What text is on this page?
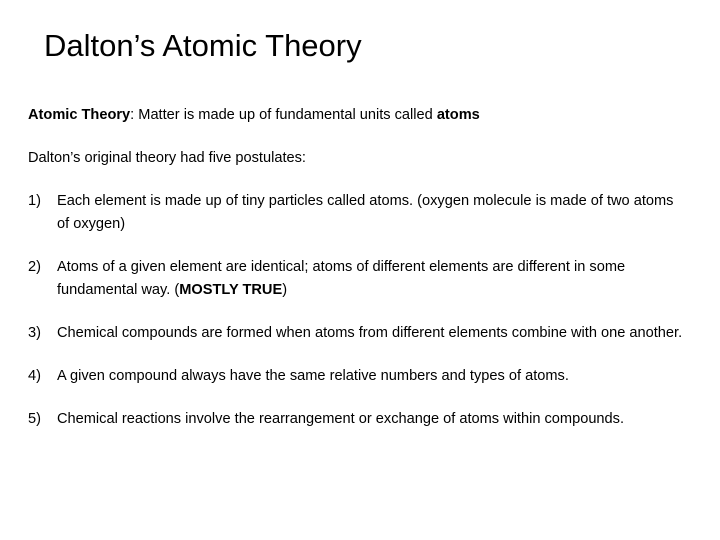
Dalton’s Atomic Theory

Atomic Theory: Matter is made up of fundamental units called atoms

Dalton’s original theory had five postulates:

1)	Each element is made up of tiny particles called atoms. (oxygen molecule is made of two atoms of oxygen)
2)	Atoms of a given element are identical; atoms of different elements are different in some fundamental way. (MOSTLY TRUE)
3)	Chemical compounds are formed when atoms from different elements combine with one another.
4)	A given compound always have the same relative numbers and types of atoms.
5)	Chemical reactions involve the rearrangement or exchange of atoms within compounds.
